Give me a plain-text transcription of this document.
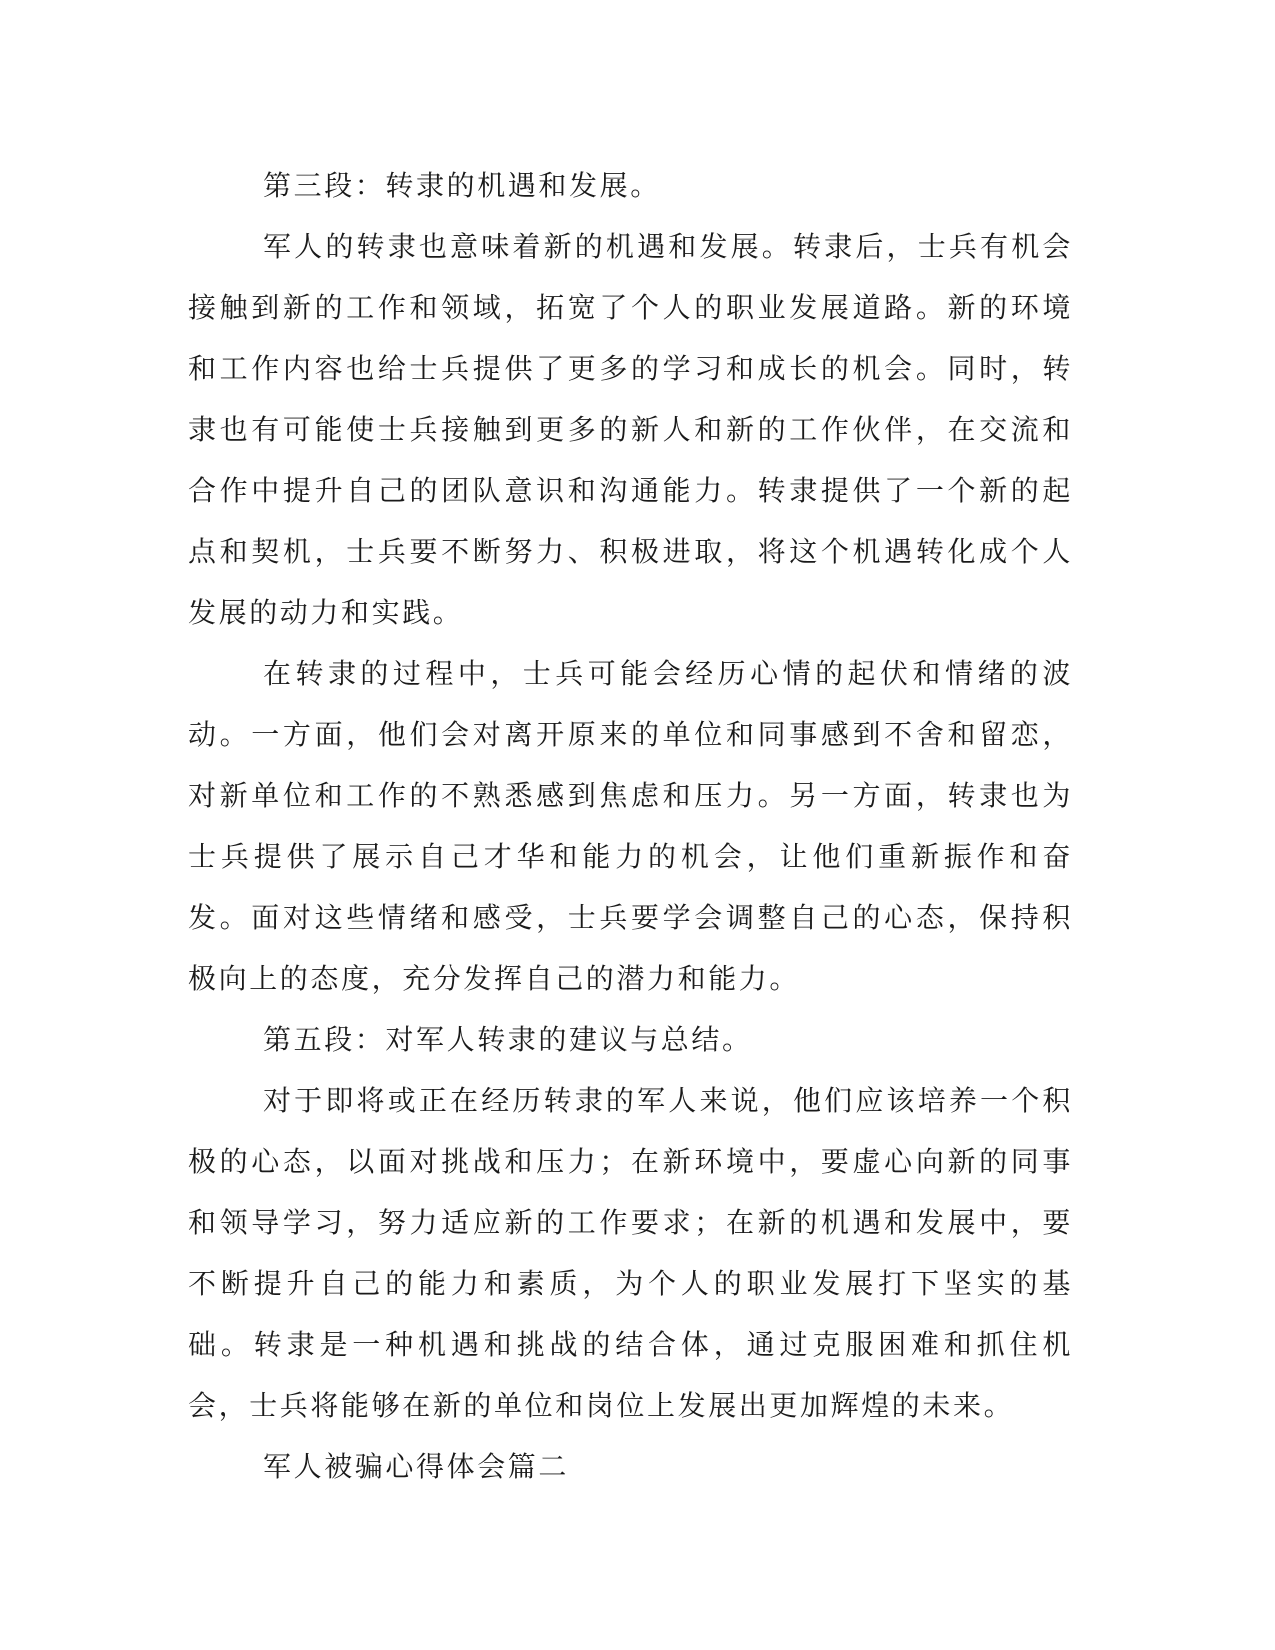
第三段：转隶的机遇和发展。

军人的转隶也意味着新的机遇和发展。转隶后，士兵有机会接触到新的工作和领域，拓宽了个人的职业发展道路。新的环境和工作内容也给士兵提供了更多的学习和成长的机会。同时，转隶也有可能使士兵接触到更多的新人和新的工作伙伴，在交流和合作中提升自己的团队意识和沟通能力。转隶提供了一个新的起点和契机，士兵要不断努力、积极进取，将这个机遇转化成个人发展的动力和实践。

在转隶的过程中，士兵可能会经历心情的起伏和情绪的波动。一方面，他们会对离开原来的单位和同事感到不舍和留恋，对新单位和工作的不熟悉感到焦虑和压力。另一方面，转隶也为士兵提供了展示自己才华和能力的机会，让他们重新振作和奋发。面对这些情绪和感受，士兵要学会调整自己的心态，保持积极向上的态度，充分发挥自己的潜力和能力。

第五段：对军人转隶的建议与总结。

对于即将或正在经历转隶的军人来说，他们应该培养一个积极的心态，以面对挑战和压力；在新环境中，要虚心向新的同事和领导学习，努力适应新的工作要求；在新的机遇和发展中，要不断提升自己的能力和素质，为个人的职业发展打下坚实的基础。转隶是一种机遇和挑战的结合体，通过克服困难和抓住机会，士兵将能够在新的单位和岗位上发展出更加辉煌的未来。

军人被骗心得体会篇二
